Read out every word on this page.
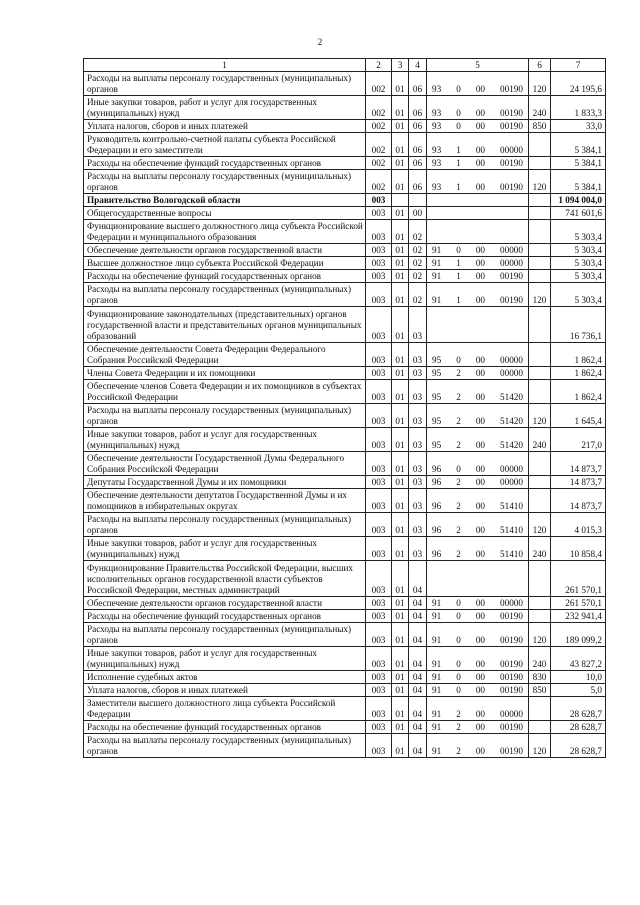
2
1	2	3	4	5	6	7
Расходы на выплаты персоналу государственных (муниципальных) органов	002	01	06	93 0 00 00190	120	24 195,6
Иные закупки товаров, работ и услуг для государственных (муниципальных) нужд	002	01	06	93 0 00 00190	240	1 833,3
Уплата налогов, сборов и иных платежей	002	01	06	93 0 00 00190	850	33,0
Руководитель контрольно-счетной палаты субъекта Российской Федерации и его заместители	002	01	06	93 1 00 00000		5 384,1
Расходы на обеспечение функций государственных органов	002	01	06	93 1 00 00190		5 384,1
Расходы на выплаты персоналу государственных (муниципальных) органов	002	01	06	93 1 00 00190	120	5 384,1
Правительство Вологодской области	003					1 094 004,0
Общегосударственные вопросы	003	01	00			741 601,6
Функционирование высшего должностного лица субъекта Российской Федерации и муниципального образования	003	01	02			5 303,4
Обеспечение деятельности органов государственной власти	003	01	02	91 0 00 00000		5 303,4
Высшее должностное лицо субъекта Российской Федерации	003	01	02	91 1 00 00000		5 303,4
Расходы на обеспечение функций государственных органов	003	01	02	91 1 00 00190		5 303,4
Расходы на выплаты персоналу государственных (муниципальных) органов	003	01	02	91 1 00 00190	120	5 303,4
Функционирование законодательных (представительных) органов государственной власти и представительных органов муниципальных образований	003	01	03			16 736,1
Обеспечение деятельности Совета Федерации Федерального Собрания Российской Федерации	003	01	03	95 0 00 00000		1 862,4
Члены Совета Федерации и их помощники	003	01	03	95 2 00 00000		1 862,4
Обеспечение членов Совета Федерации и их помощников в субъектах Российской Федерации	003	01	03	95 2 00 51420		1 862,4
Расходы на выплаты персоналу государственных (муниципальных) органов	003	01	03	95 2 00 51420	120	1 645,4
Иные закупки товаров, работ и услуг для государственных (муниципальных) нужд	003	01	03	95 2 00 51420	240	217,0
Обеспечение деятельности Государственной Думы Федерального Собрания Российской Федерации	003	01	03	96 0 00 00000		14 873,7
Депутаты Государственной Думы и их помощники	003	01	03	96 2 00 00000		14 873,7
Обеспечение деятельности депутатов Государственной Думы и их помощников в избирательных округах	003	01	03	96 2 00 51410		14 873,7
Расходы на выплаты персоналу государственных (муниципальных) органов	003	01	03	96 2 00 51410	120	4 015,3
Иные закупки товаров, работ и услуг для государственных (муниципальных) нужд	003	01	03	96 2 00 51410	240	10 858,4
Функционирование Правительства Российской Федерации, высших исполнительных органов государственной власти субъектов Российской Федерации, местных администраций	003	01	04			261 570,1
Обеспечение деятельности органов государственной власти	003	01	04	91 0 00 00000		261 570,1
Расходы на обеспечение функций государственных органов	003	01	04	91 0 00 00190		232 941,4
Расходы на выплаты персоналу государственных (муниципальных) органов	003	01	04	91 0 00 00190	120	189 099,2
Иные закупки товаров, работ и услуг для государственных (муниципальных) нужд	003	01	04	91 0 00 00190	240	43 827,2
Исполнение судебных актов	003	01	04	91 0 00 00190	830	10,0
Уплата налогов, сборов и иных платежей	003	01	04	91 0 00 00190	850	5,0
Заместители высшего должностного лица субъекта Российской Федерации	003	01	04	91 2 00 00000		28 628,7
Расходы на обеспечение функций государственных органов	003	01	04	91 2 00 00190		28 628,7
Расходы на выплаты персоналу государственных (муниципальных) органов	003	01	04	91 2 00 00190	120	28 628,7
